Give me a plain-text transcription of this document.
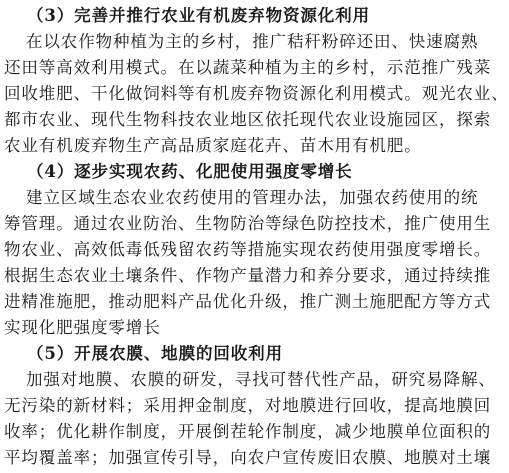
（3）完善并推行农业有机废弃物资源化利用
在以农作物种植为主的乡村，推广秸秆粉碎还田、快速腐熟
还田等高效利用模式。在以蔬菜种植为主的乡村，示范推广残菜
回收堆肥、干化做饲料等有机废弃物资源化利用模式。观光农业、
都市农业、现代生物科技农业地区依托现代农业设施园区，探索
农业有机废弃物生产高品质家庭花卉、苗木用有机肥。
（4）逐步实现农药、化肥使用强度零增长
建立区域生态农业农药使用的管理办法，加强农药使用的统
筹管理。通过农业防治、生物防治等绿色防控技术，推广使用生
物农业、高效低毒低残留农药等措施实现农药使用强度零增长。
根据生态农业土壤条件、作物产量潜力和养分要求，通过持续推
进精准施肥，推动肥料产品优化升级，推广测土施肥配方等方式
实现化肥强度零增长
（5）开展农膜、地膜的回收利用
加强对地膜、农膜的研发，寻找可替代性产品，研究易降解、
无污染的新材料；采用押金制度，对地膜进行回收，提高地膜回
收率；优化耕作制度，开展倒茬轮作制度，减少地膜单位面积的
平均覆盖率；加强宣传引导，向农户宣传废旧农膜、地膜对土壤
